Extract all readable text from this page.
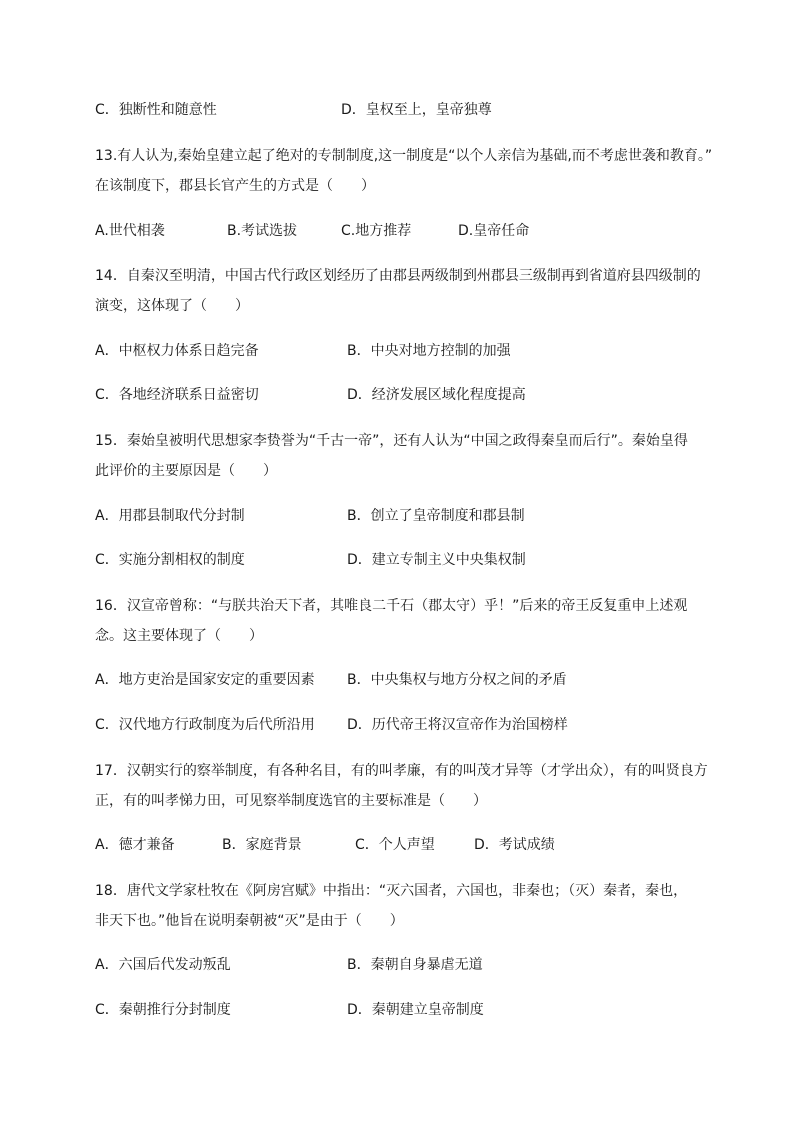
C．独断性和随意性	D．皇权至上，皇帝独尊
13.有人认为,秦始皇建立起了绝对的专制制度,这一制度是“以个人亲信为基础,而不考虑世袭和教育。”
在该制度下，郡县长官产生的方式是（　　）
A.世代相袭	B.考试选拔	C.地方推荐	D.皇帝任命
14．自秦汉至明清，中国古代行政区划经历了由郡县两级制到州郡县三级制再到省道府县四级制的
演变，这体现了（　　）
A．中枢权力体系日趋完备	B．中央对地方控制的加强
C．各地经济联系日益密切	D．经济发展区域化程度提高
15．秦始皇被明代思想家李贽誉为“千古一帝”，还有人认为“中国之政得秦皇而后行”。秦始皇得
此评价的主要原因是（　　）
A．用郡县制取代分封制	B．创立了皇帝制度和郡县制
C．实施分割相权的制度	D．建立专制主义中央集权制
16．汉宣帝曾称：“与朕共治天下者，其唯良二千石（郡太守）乎！”后来的帝王反复重申上述观
念。这主要体现了（　　）
A．地方吏治是国家安定的重要因素 B．中央集权与地方分权之间的矛盾
C．汉代地方行政制度为后代所沿用 D．历代帝王将汉宣帝作为治国榜样
17．汉朝实行的察举制度，有各种名目，有的叫孝廉，有的叫茂才异等（才学出众），有的叫贤良方
正，有的叫孝悌力田，可见察举制度选官的主要标准是（　　）
A．德才兼备	B．家庭背景	C．个人声望	D．考试成绩
18．唐代文学家杜牧在《阿房宫赋》中指出：“灭六国者，六国也，非秦也；（灭）秦者，秦也，
非天下也。”他旨在说明秦朝被“灭”是由于（　　）
A．六国后代发动叛乱	B．秦朝自身暴虐无道
C．秦朝推行分封制度	D．秦朝建立皇帝制度
